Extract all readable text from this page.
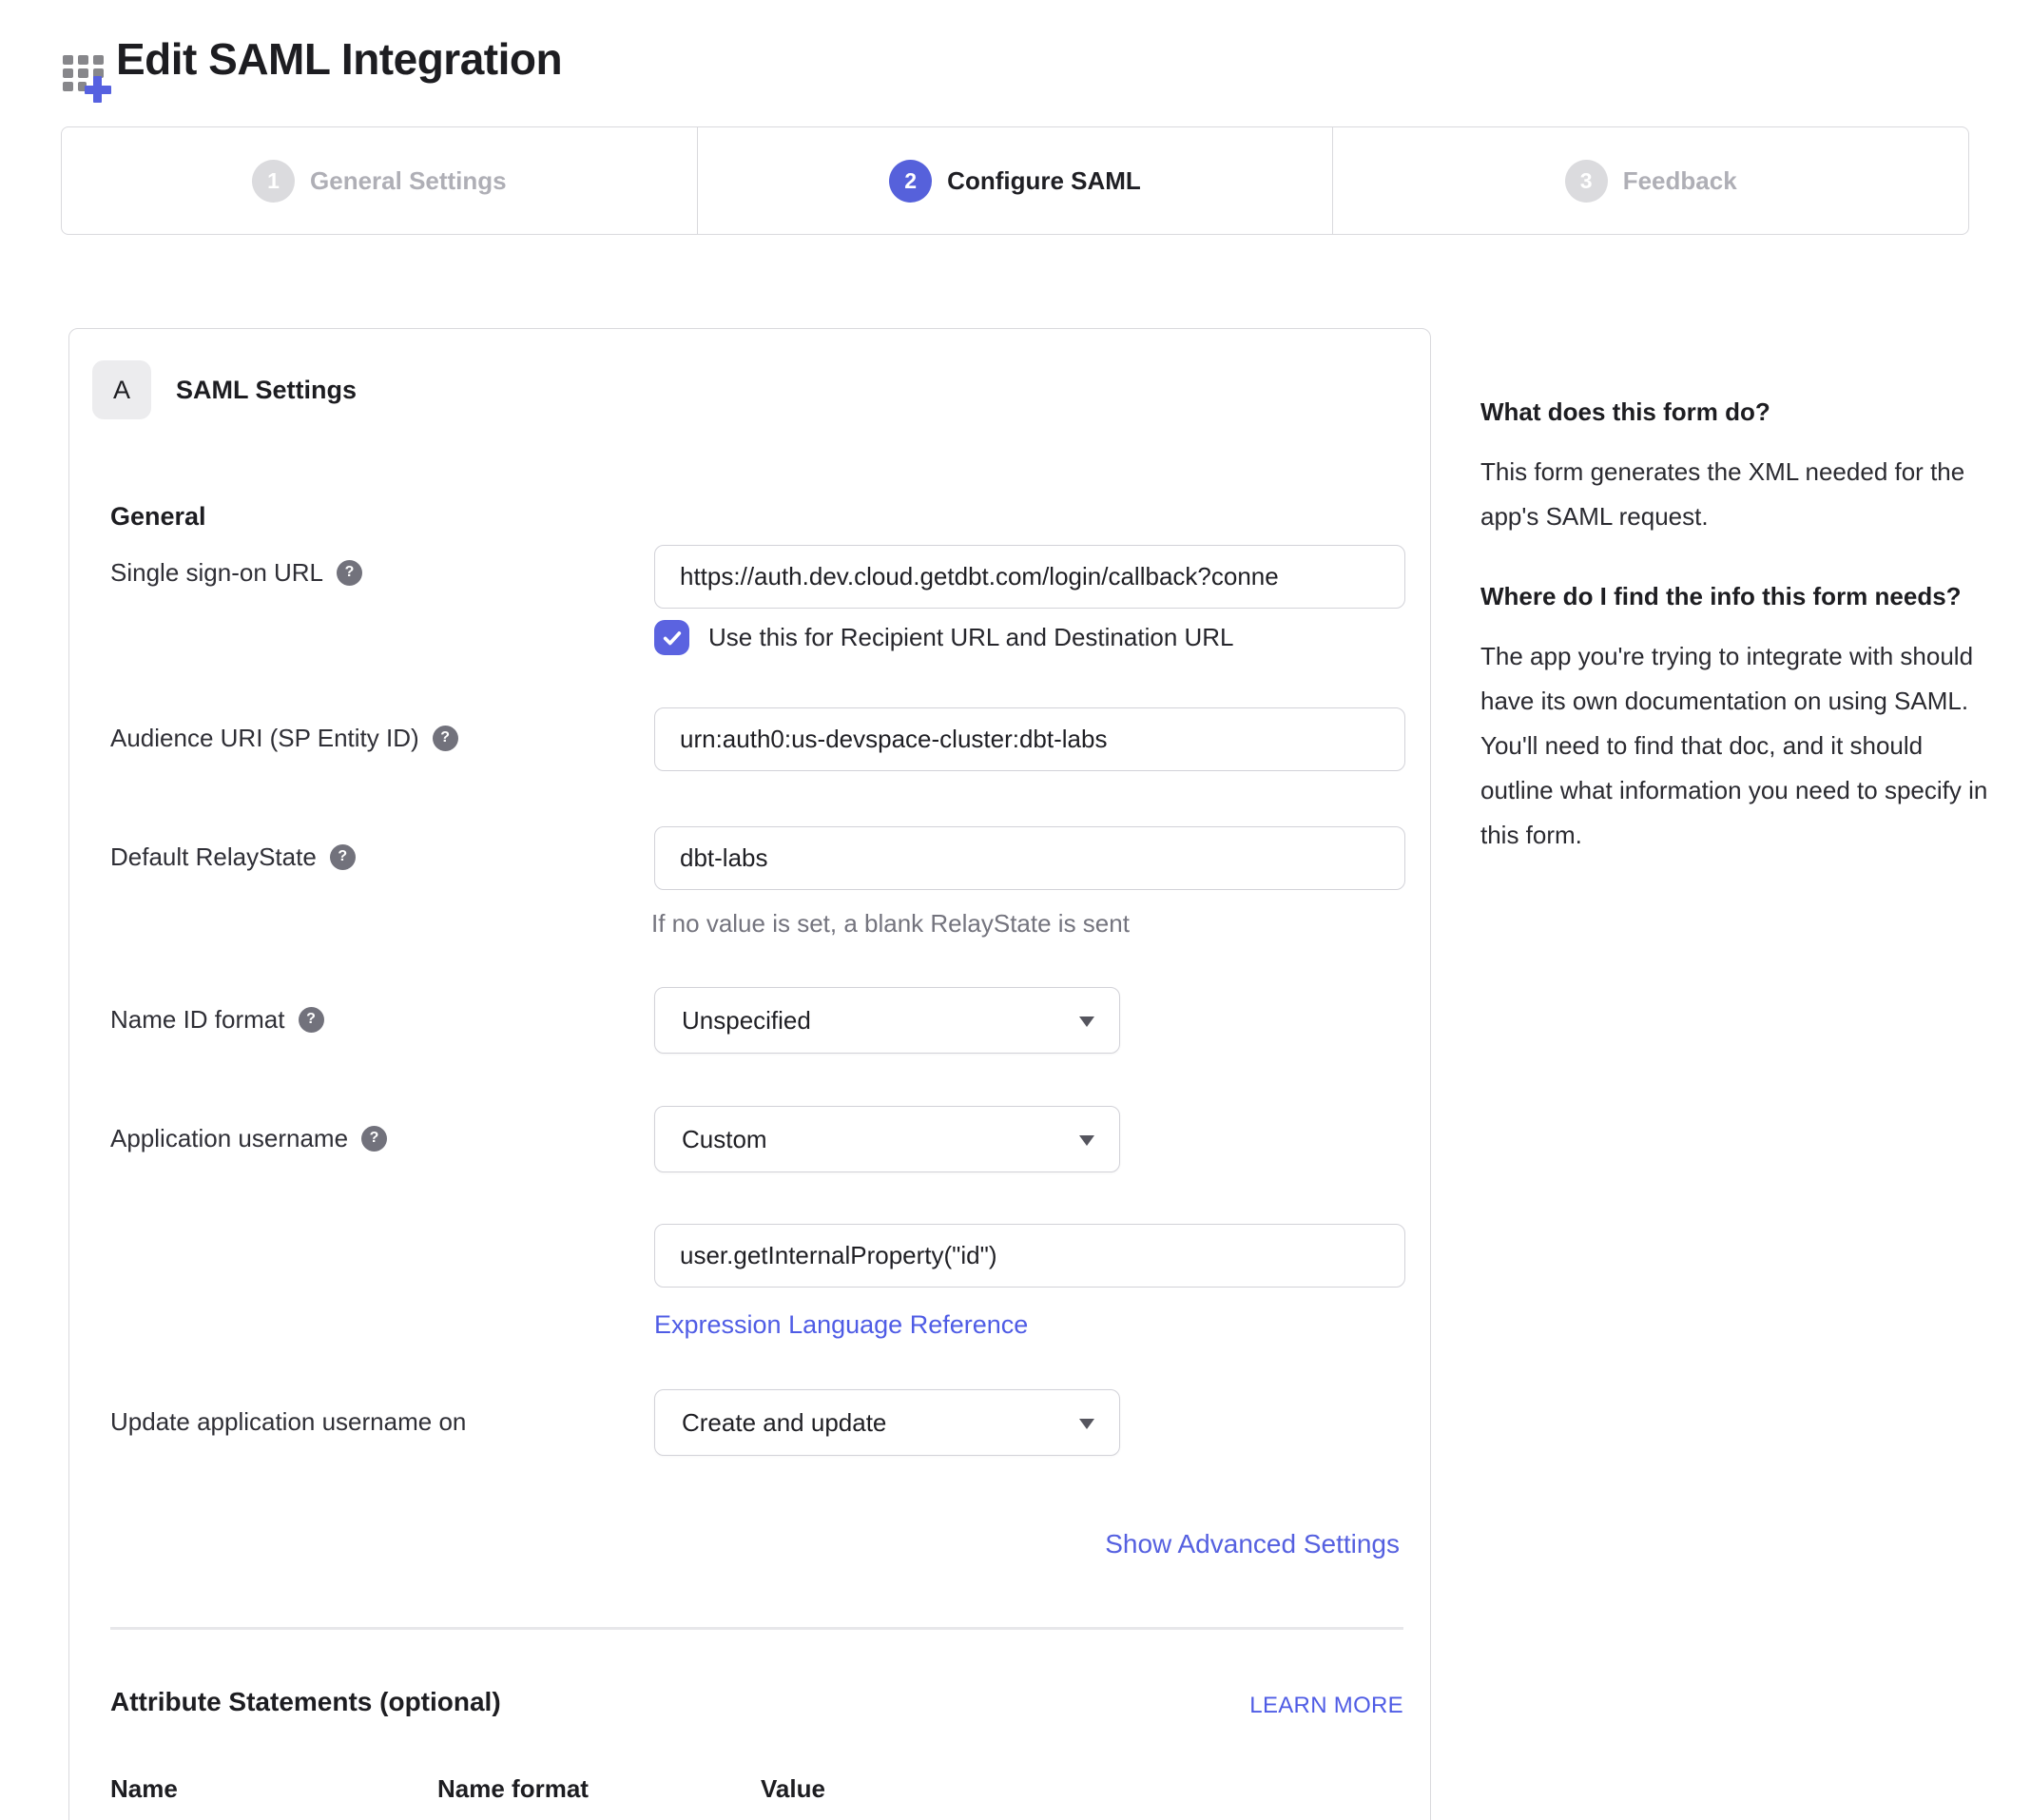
Edit SAML Integration
1	General Settings	2	Configure SAML	3	Feedback
A	SAML Settings
General
Single sign-on URL	?	https://auth.dev.cloud.getdbt.com/login/callback?conne
Use this for Recipient URL and Destination URL
Audience URI (SP Entity ID)	?	urn:auth0:us-devspace-cluster:dbt-labs
Default RelayState	?	dbt-labs
If no value is set, a blank RelayState is sent
Name ID format	?	Unspecified
Application username	?	Custom
user.getInternalProperty("id")
Expression Language Reference
Update application username on	Create and update
Show Advanced Settings
Attribute Statements (optional)	LEARN MORE
Name	Name format	Value
What does this form do?

This form generates the XML needed for the app's SAML request.

Where do I find the info this form needs?

The app you're trying to integrate with should have its own documentation on using SAML. You'll need to find that doc, and it should outline what information you need to specify in this form.
